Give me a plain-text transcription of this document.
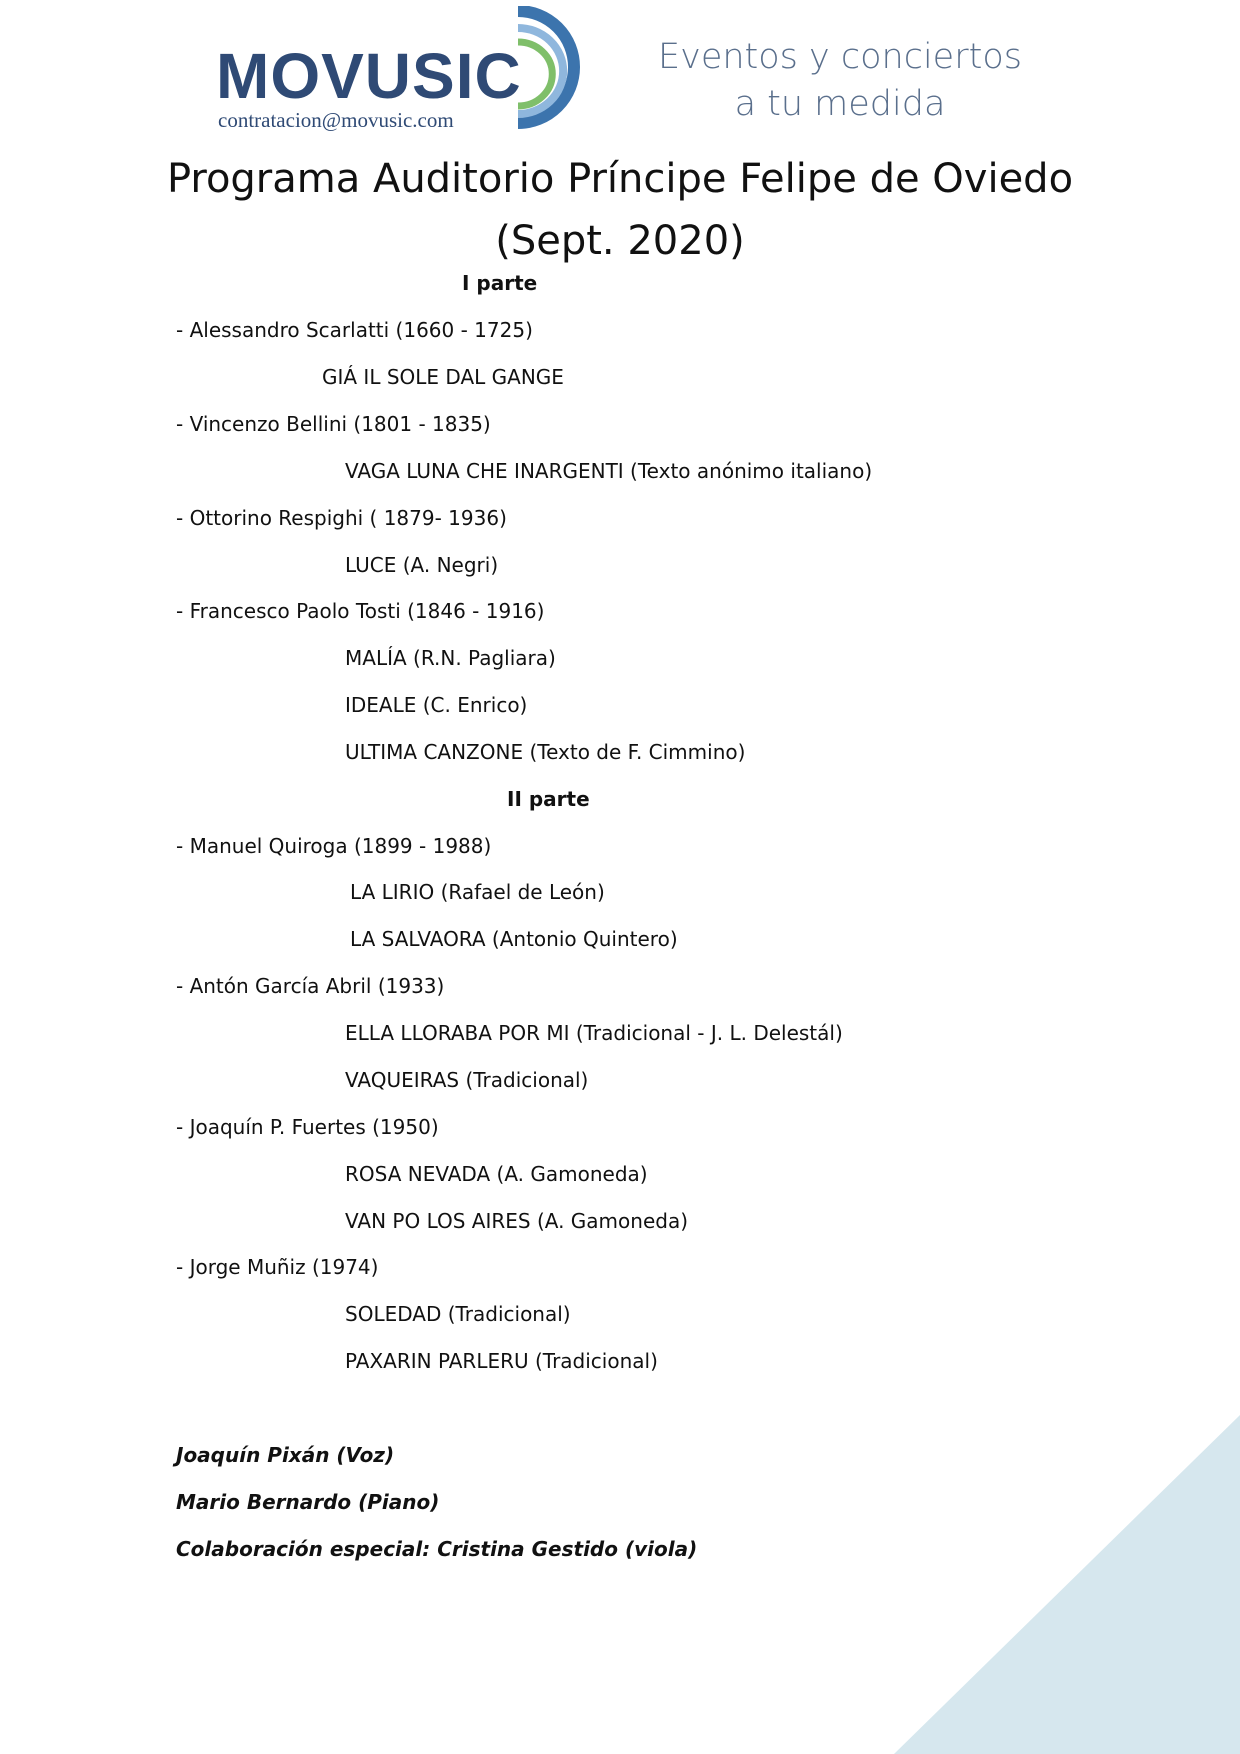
MOVUSIC
contratacion@movusic.com
Eventos y conciertos
a tu medida
Programa Auditorio Príncipe Felipe de Oviedo
(Sept. 2020)
I parte
- Alessandro Scarlatti (1660 - 1725)
GIÁ IL SOLE DAL GANGE
- Vincenzo Bellini (1801 - 1835)
VAGA LUNA CHE INARGENTI (Texto anónimo italiano)
- Ottorino Respighi ( 1879- 1936)
LUCE (A. Negri)
- Francesco Paolo Tosti (1846 - 1916)
MALÍA (R.N. Pagliara)
IDEALE (C. Enrico)
ULTIMA CANZONE (Texto de F. Cimmino)
II parte
- Manuel Quiroga (1899 - 1988)
LA LIRIO (Rafael de León)
LA SALVAORA (Antonio Quintero)
- Antón García Abril (1933)
ELLA LLORABA POR MI (Tradicional - J. L. Delestál)
VAQUEIRAS (Tradicional)
- Joaquín P. Fuertes (1950)
ROSA NEVADA (A. Gamoneda)
VAN PO LOS AIRES (A. Gamoneda)
- Jorge Muñiz (1974)
SOLEDAD (Tradicional)
PAXARIN PARLERU (Tradicional)
Joaquín Pixán (Voz)
Mario Bernardo (Piano)
Colaboración especial: Cristina Gestido (viola)
